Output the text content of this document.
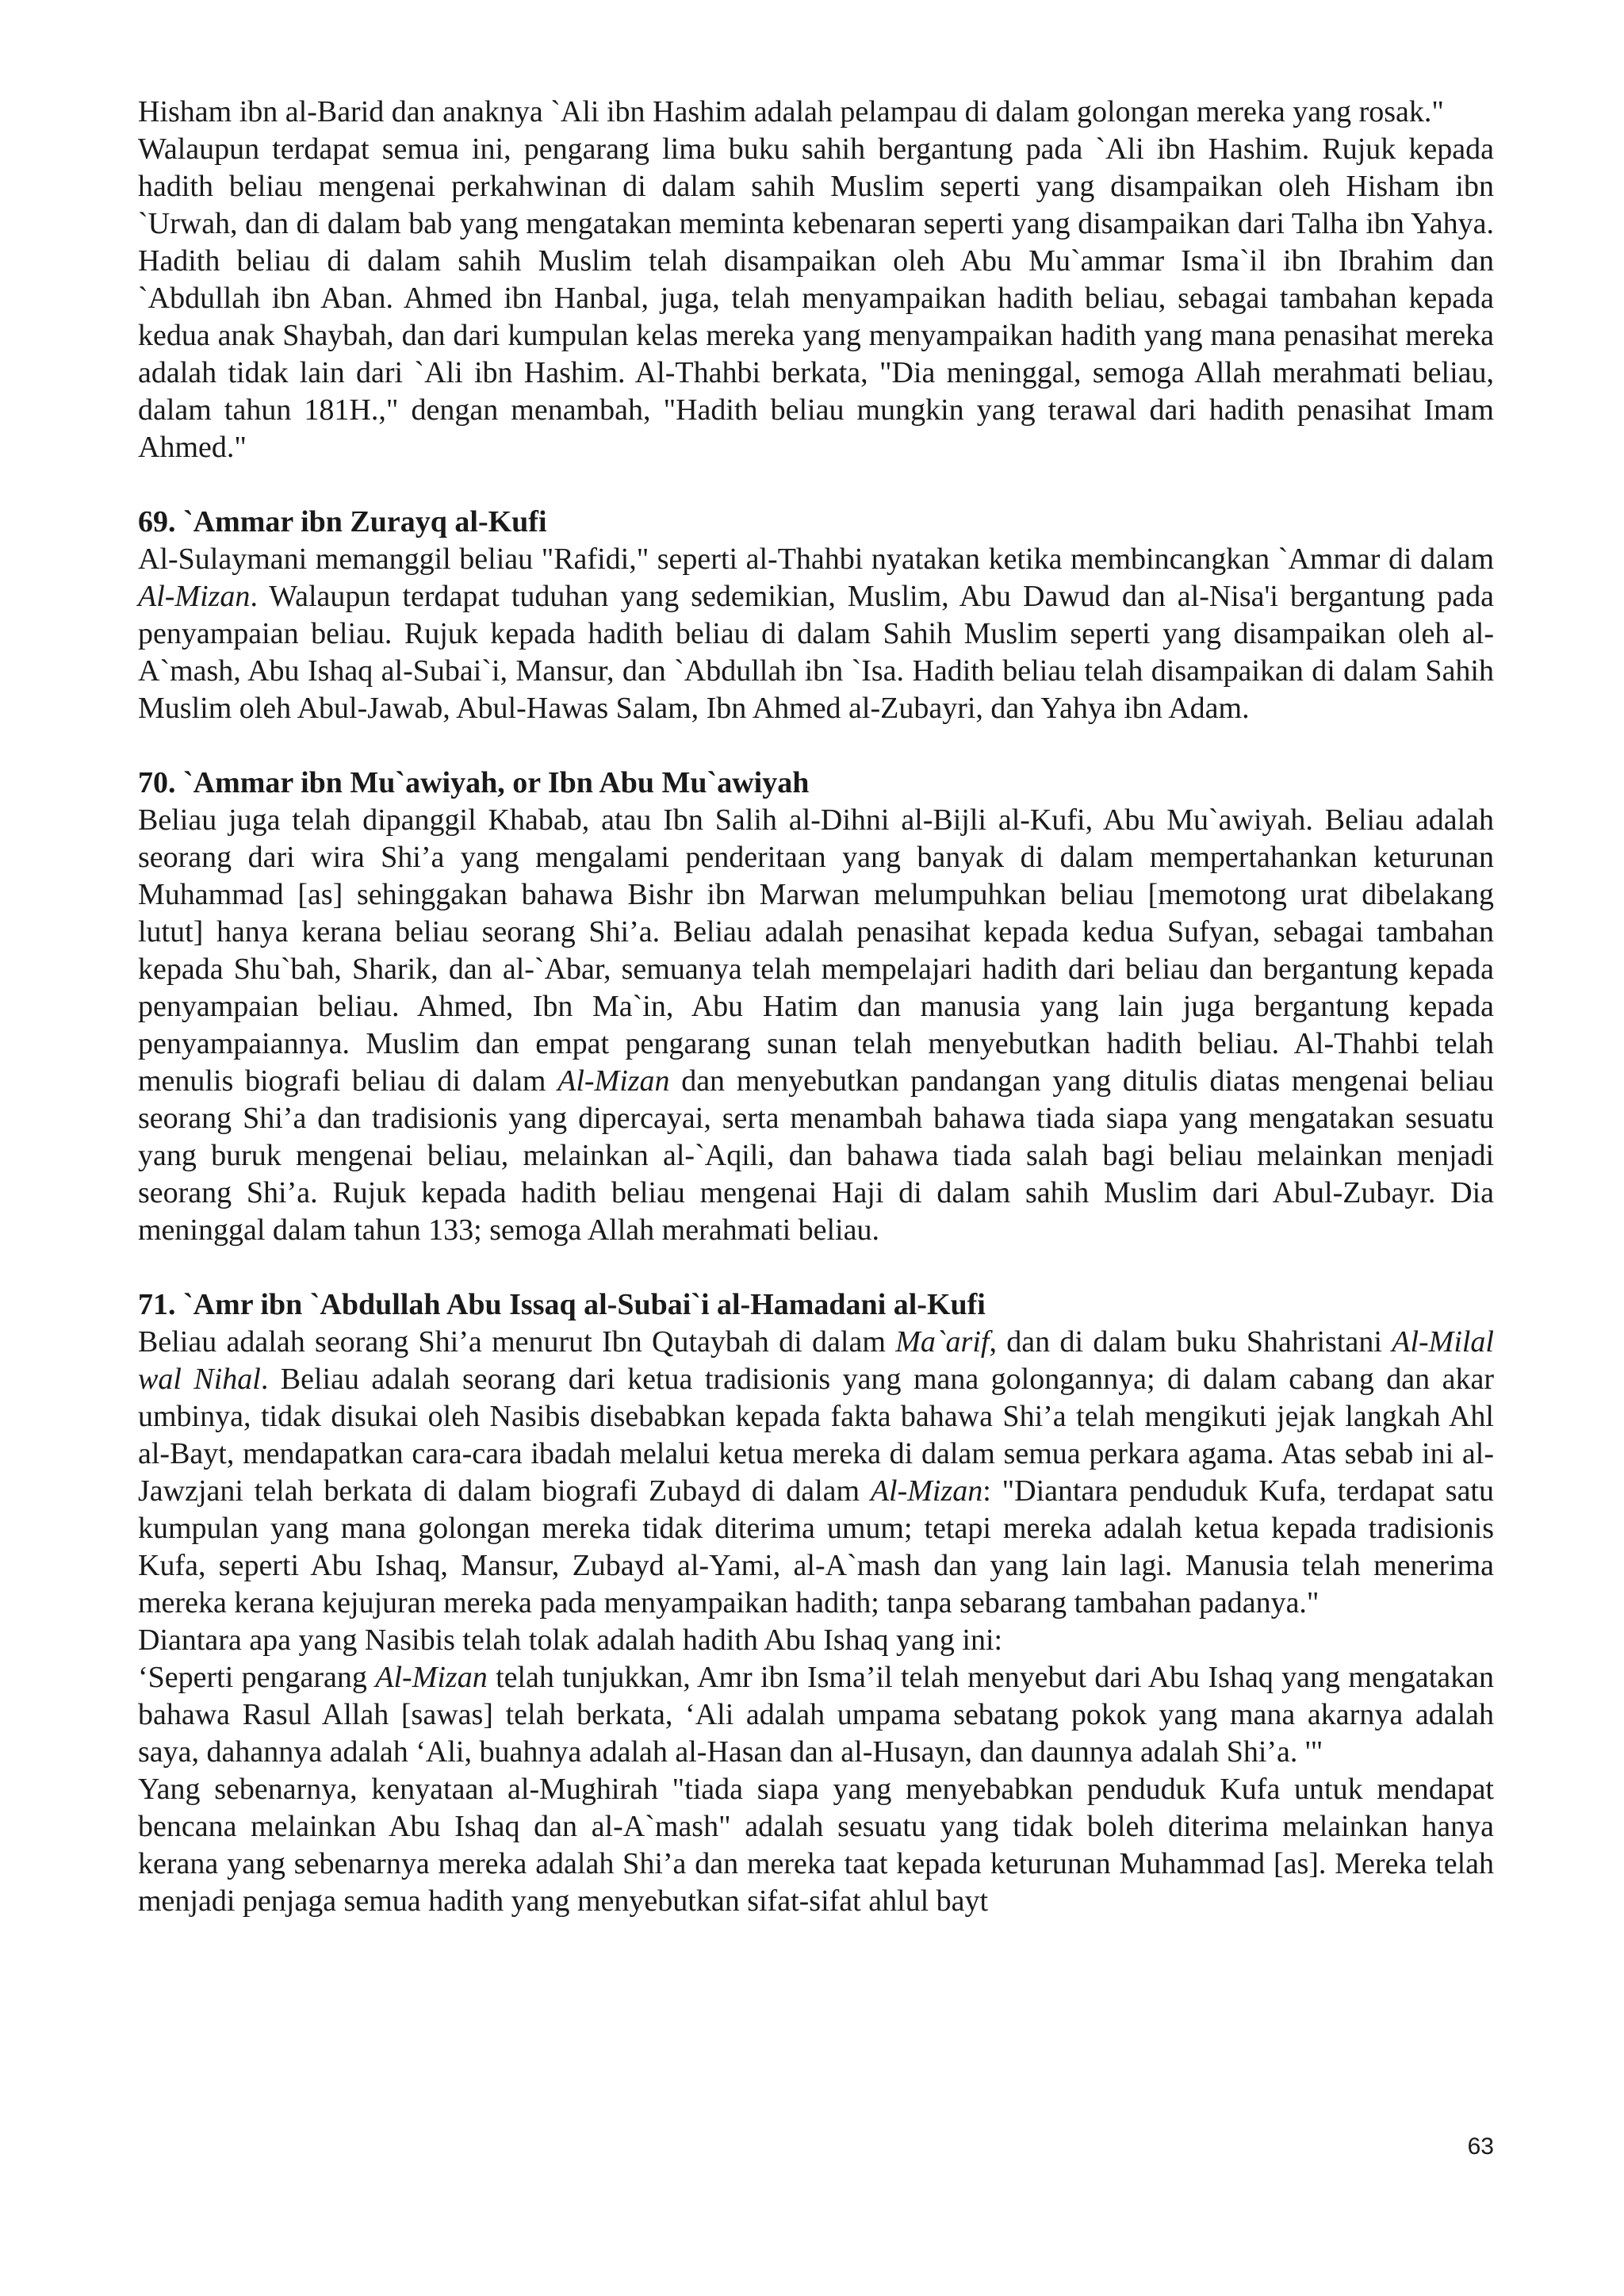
Hisham ibn al-Barid dan anaknya `Ali ibn Hashim adalah pelampau di dalam golongan mereka yang rosak."

Walaupun terdapat semua ini, pengarang lima buku sahih bergantung pada `Ali ibn Hashim. Rujuk kepada hadith beliau mengenai perkahwinan di dalam sahih Muslim seperti yang disampaikan oleh Hisham ibn `Urwah, dan di dalam bab yang mengatakan meminta kebenaran seperti yang disampaikan dari Talha ibn Yahya. Hadith beliau di dalam sahih Muslim telah disampaikan oleh Abu Mu`ammar Isma`il ibn Ibrahim dan `Abdullah ibn Aban. Ahmed ibn Hanbal, juga, telah menyampaikan hadith beliau, sebagai tambahan kepada kedua anak Shaybah, dan dari kumpulan kelas mereka yang menyampaikan hadith yang mana penasihat mereka adalah tidak lain dari `Ali ibn Hashim. Al-Thahbi berkata, "Dia meninggal, semoga Allah merahmati beliau, dalam tahun 181H.," dengan menambah, "Hadith beliau mungkin yang terawal dari hadith penasihat Imam Ahmed."

69. `Ammar ibn Zurayq al-Kufi

Al-Sulaymani memanggil beliau "Rafidi," seperti al-Thahbi nyatakan ketika membincangkan `Ammar di dalam Al-Mizan. Walaupun terdapat tuduhan yang sedemikian, Muslim, Abu Dawud dan al-Nisa'i bergantung pada penyampaian beliau. Rujuk kepada hadith beliau di dalam Sahih Muslim seperti yang disampaikan oleh al-A`mash, Abu Ishaq al-Subai`i, Mansur, dan `Abdullah ibn `Isa. Hadith beliau telah disampaikan di dalam Sahih Muslim oleh Abul-Jawab, Abul-Hawas Salam, Ibn Ahmed al-Zubayri, dan Yahya ibn Adam.

70. `Ammar ibn Mu`awiyah, or Ibn Abu Mu`awiyah

Beliau juga telah dipanggil Khabab, atau Ibn Salih al-Dihni al-Bijli al-Kufi, Abu Mu`awiyah. Beliau adalah seorang dari wira Shi’a yang mengalami penderitaan yang banyak di dalam mempertahankan keturunan Muhammad [as] sehinggakan bahawa Bishr ibn Marwan melumpuhkan beliau [memotong urat dibelakang lutut] hanya kerana beliau seorang Shi’a. Beliau adalah penasihat kepada kedua Sufyan, sebagai tambahan kepada Shu`bah, Sharik, dan al-`Abar, semuanya telah mempelajari hadith dari beliau dan bergantung kepada penyampaian beliau. Ahmed, Ibn Ma`in, Abu Hatim dan manusia yang lain juga bergantung kepada penyampaiannya. Muslim dan empat pengarang sunan telah menyebutkan hadith beliau. Al-Thahbi telah menulis biografi beliau di dalam Al-Mizan dan menyebutkan pandangan yang ditulis diatas mengenai beliau seorang Shi’a dan tradisionis yang dipercayai, serta menambah bahawa tiada siapa yang mengatakan sesuatu yang buruk mengenai beliau, melainkan al-`Aqili, dan bahawa tiada salah bagi beliau melainkan menjadi seorang Shi’a. Rujuk kepada hadith beliau mengenai Haji di dalam sahih Muslim dari Abul-Zubayr. Dia meninggal dalam tahun 133; semoga Allah merahmati beliau.

71. `Amr ibn `Abdullah Abu Issaq al-Subai`i al-Hamadani al-Kufi

Beliau adalah seorang Shi’a menurut Ibn Qutaybah di dalam Ma`arif, dan di dalam buku Shahristani Al-Milal wal Nihal. Beliau adalah seorang dari ketua tradisionis yang mana golongannya; di dalam cabang dan akar umbinya, tidak disukai oleh Nasibis disebabkan kepada fakta bahawa Shi’a telah mengikuti jejak langkah Ahl al-Bayt, mendapatkan cara-cara ibadah melalui ketua mereka di dalam semua perkara agama. Atas sebab ini al-Jawzjani telah berkata di dalam biografi Zubayd di dalam Al-Mizan: "Diantara penduduk Kufa, terdapat satu kumpulan yang mana golongan mereka tidak diterima umum; tetapi mereka adalah ketua kepada tradisionis Kufa, seperti Abu Ishaq, Mansur, Zubayd al-Yami, al-A`mash dan yang lain lagi. Manusia telah menerima mereka kerana kejujuran mereka pada menyampaikan hadith; tanpa sebarang tambahan padanya."

Diantara apa yang Nasibis telah tolak adalah hadith Abu Ishaq yang ini:

‘Seperti pengarang Al-Mizan telah tunjukkan, Amr ibn Isma’il telah menyebut dari Abu Ishaq yang mengatakan bahawa Rasul Allah [sawas] telah berkata, ‘Ali adalah umpama sebatang pokok yang mana akarnya adalah saya, dahannya adalah ‘Ali, buahnya adalah al-Hasan dan al-Husayn, dan daunnya adalah Shi’a. '"

Yang sebenarnya, kenyataan al-Mughirah "tiada siapa yang menyebabkan penduduk Kufa untuk mendapat bencana melainkan Abu Ishaq dan al-A`mash" adalah sesuatu yang tidak boleh diterima melainkan hanya kerana yang sebenarnya mereka adalah Shi’a dan mereka taat kepada keturunan Muhammad [as]. Mereka telah menjadi penjaga semua hadith yang menyebutkan sifat-sifat ahlul bayt

63
